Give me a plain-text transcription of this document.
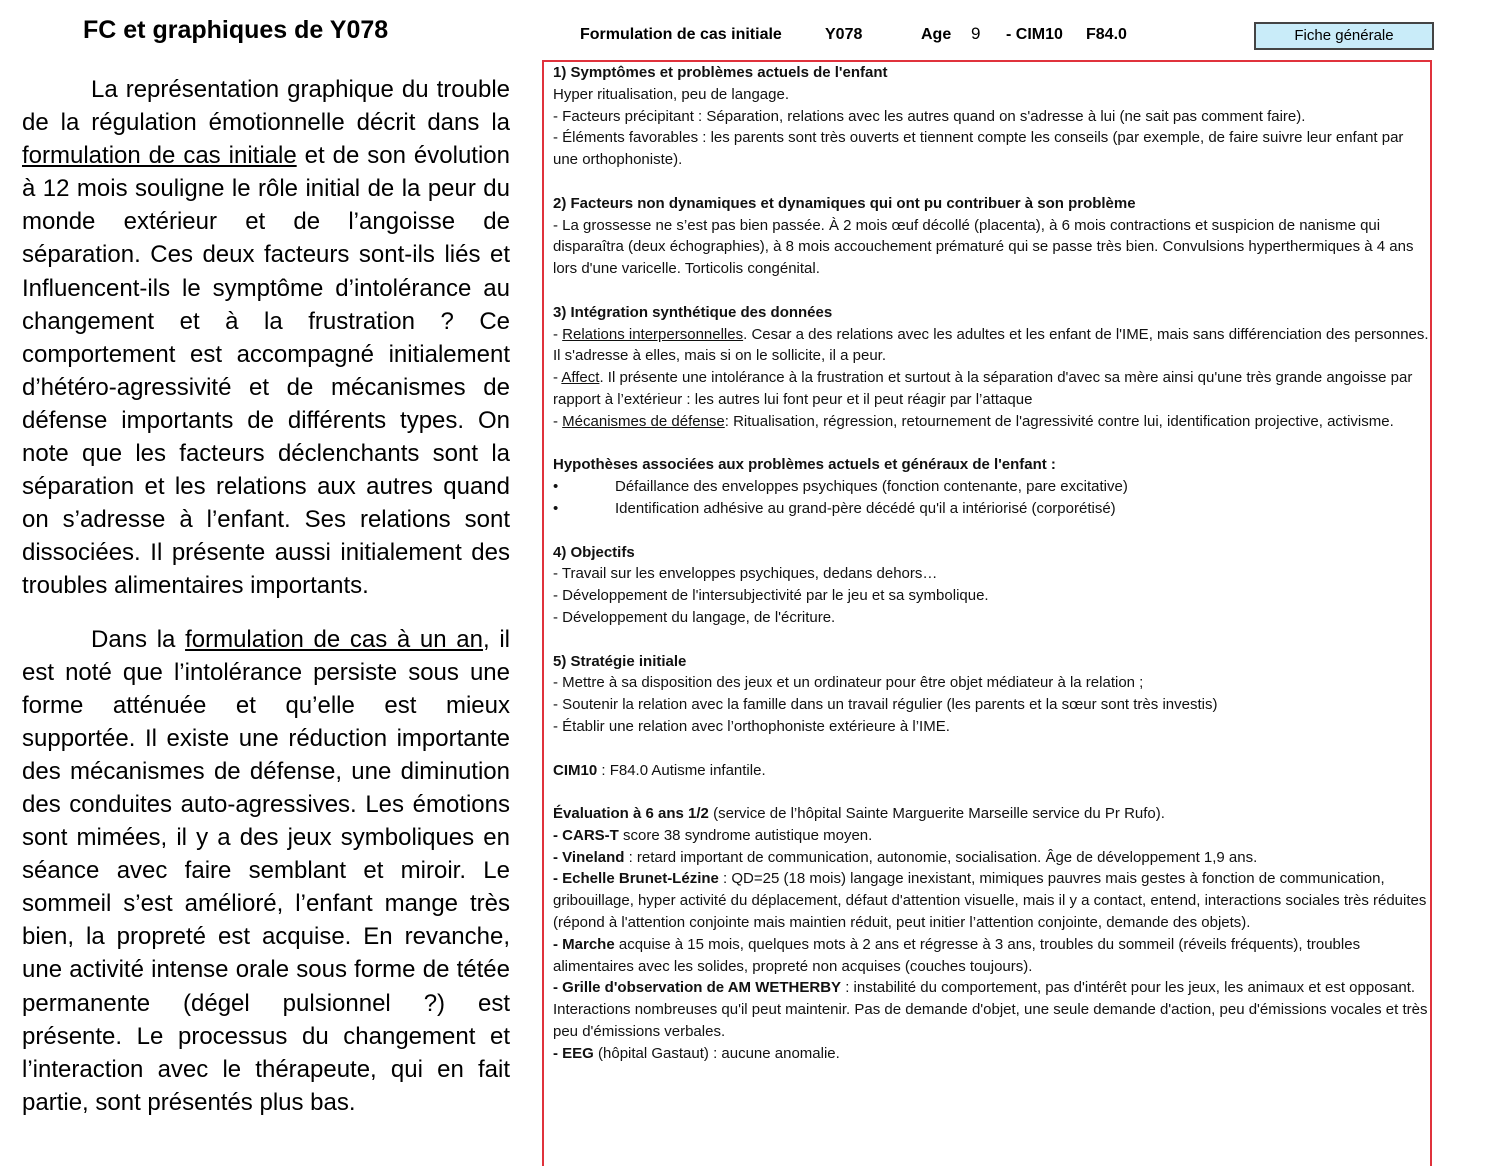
FC et graphiques de Y078

La représentation graphique du trouble de la régulation émotionnelle décrit dans la formulation de cas initiale et de son évolution à 12 mois souligne le rôle initial de la peur du monde extérieur et de l’angoisse de séparation. Ces deux facteurs sont-ils liés et Influencent-ils le symptôme d’intolérance au changement et à la frustration ? Ce comportement est accompagné initialement d’hétéro-agressivité et de mécanismes de défense importants de différents types. On note que les facteurs déclenchants sont la séparation et les relations aux autres quand on s’adresse à l’enfant. Ses relations sont dissociées. Il présente aussi initialement des troubles alimentaires importants.

Dans la formulation de cas à un an, il est noté que l’intolérance persiste sous une forme atténuée et qu’elle est mieux supportée. Il existe une réduction importante des mécanismes de défense, une diminution des conduites auto-agressives. Les émotions sont mimées, il y a des jeux symboliques en séance avec faire semblant et miroir. Le sommeil s’est amélioré, l’enfant mange très bien, la propreté est acquise. En revanche, une activité intense orale sous forme de tétée permanente (dégel pulsionnel ?) est présente. Le processus du changement et l’interaction avec le thérapeute, qui en fait partie, sont présentés plus bas.

Formulation de cas initiale	Y078	Age 9 - CIM10 F84.0	Fiche générale
1) Symptômes et problèmes actuels de l'enfant
Hyper ritualisation, peu de langage.
- Facteurs précipitant : Séparation, relations avec les autres quand on s'adresse à lui (ne sait pas comment faire).
- Éléments favorables : les parents sont très ouverts et tiennent compte les conseils (par exemple, de faire suivre leur enfant par une orthophoniste).
2) Facteurs non dynamiques et dynamiques qui ont pu contribuer à son problème
- La grossesse ne s’est pas bien passée. À 2 mois œuf décollé (placenta), à 6 mois contractions et suspicion de nanisme qui disparaîtra (deux échographies), à 8 mois accouchement prématuré qui se passe très bien. Convulsions hyperthermiques à 4 ans lors d'une varicelle. Torticolis congénital.
3) Intégration synthétique des données
- Relations interpersonnelles. Cesar a des relations avec les adultes et les enfant de l'IME, mais sans différenciation des personnes. Il s'adresse à elles, mais si on le sollicite, il a peur.
- Affect. Il présente une intolérance à la frustration et surtout à la séparation d'avec sa mère ainsi qu'une très grande angoisse par rapport à l’extérieur : les autres lui font peur et il peut réagir par l’attaque
- Mécanismes de défense: Ritualisation, régression, retournement de l'agressivité contre lui, identification projective, activisme.
Hypothèses associées aux problèmes actuels et généraux de l'enfant :
•	Défaillance des enveloppes psychiques (fonction contenante, pare excitative)
•	Identification adhésive au grand-père décédé qu'il a intériorisé (corporétisé)
4) Objectifs
- Travail sur les enveloppes psychiques, dedans dehors…
- Développement de l'intersubjectivité par le jeu et sa symbolique.
- Développement du langage, de l'écriture.
5) Stratégie initiale
- Mettre à sa disposition des jeux et un ordinateur pour être objet médiateur à la relation ;
- Soutenir la relation avec la famille dans un travail régulier (les parents et la sœur sont très investis)
- Établir une relation avec l’orthophoniste extérieure à l’IME.
CIM10 : F84.0 Autisme infantile.
Évaluation à 6 ans 1/2 (service de l’hôpital Sainte Marguerite Marseille service du Pr Rufo).
- CARS-T score 38 syndrome autistique moyen.
- Vineland : retard important de communication, autonomie, socialisation. Âge de développement 1,9 ans.
- Echelle Brunet-Lézine : QD=25 (18 mois) langage inexistant, mimiques pauvres mais gestes à fonction de communication, gribouillage, hyper activité du déplacement, défaut d'attention visuelle, mais il y a contact, entend, interactions sociales très réduites (répond à l'attention conjointe mais maintien réduit, peut initier l’attention conjointe, demande des objets).
- Marche acquise à 15 mois, quelques mots à 2 ans et régresse à 3 ans, troubles du sommeil (réveils fréquents), troubles alimentaires avec les solides, propreté non acquises (couches toujours).
- Grille d'observation de AM WETHERBY : instabilité du comportement, pas d'intérêt pour les jeux, les animaux et est opposant. Interactions nombreuses qu'il peut maintenir. Pas de demande d'objet, une seule demande d'action, peu d'émissions vocales et très peu d'émissions verbales.
- EEG (hôpital Gastaut) : aucune anomalie.
